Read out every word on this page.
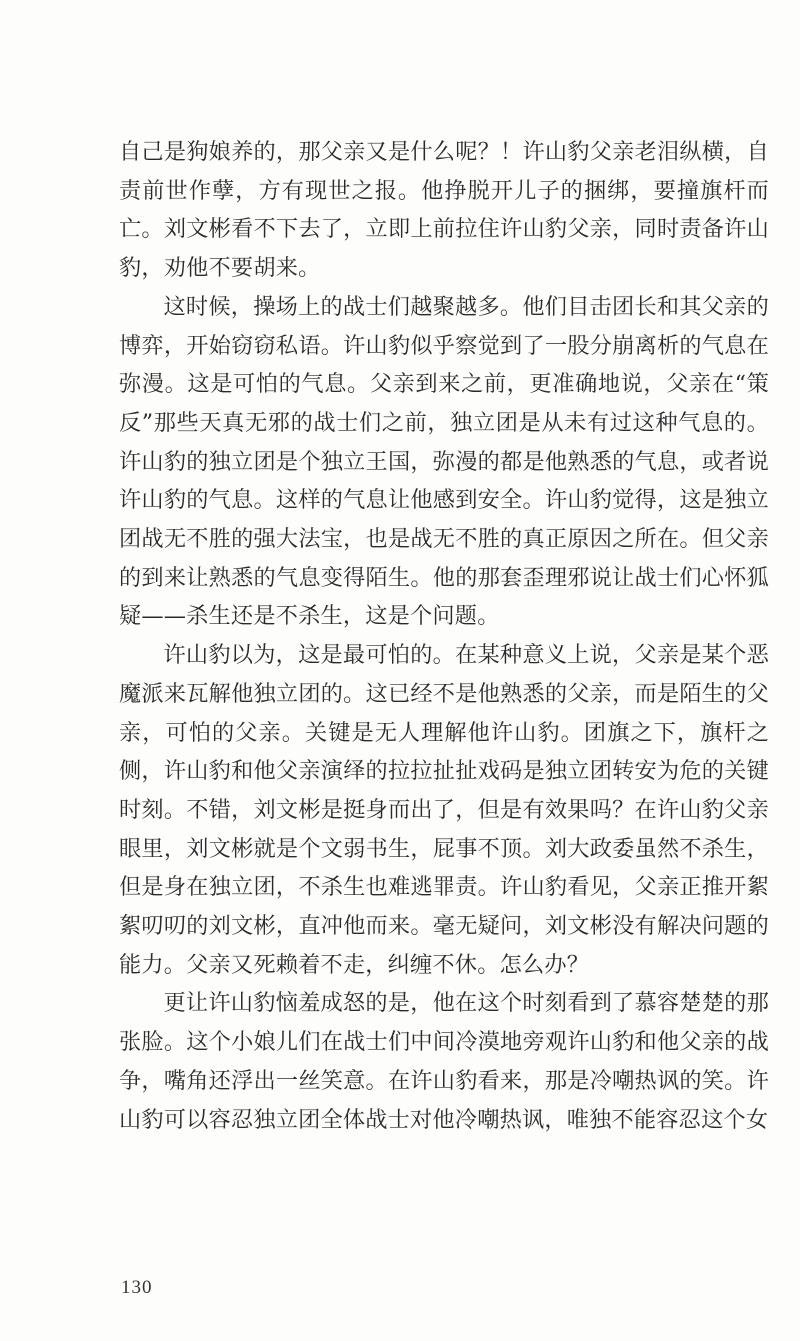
自己是狗娘养的，那父亲又是什么呢？！许山豹父亲老泪纵横，自责前世作孽，方有现世之报。他挣脱开儿子的捆绑，要撞旗杆而亡。刘文彬看不下去了，立即上前拉住许山豹父亲，同时责备许山豹，劝他不要胡来。

这时候，操场上的战士们越聚越多。他们目击团长和其父亲的博弈，开始窃窃私语。许山豹似乎察觉到了一股分崩离析的气息在弥漫。这是可怕的气息。父亲到来之前，更准确地说，父亲在“策反”那些天真无邪的战士们之前，独立团是从未有过这种气息的。许山豹的独立团是个独立王国，弥漫的都是他熟悉的气息，或者说许山豹的气息。这样的气息让他感到安全。许山豹觉得，这是独立团战无不胜的强大法宝，也是战无不胜的真正原因之所在。但父亲的到来让熟悉的气息变得陌生。他的那套歪理邪说让战士们心怀狐疑——杀生还是不杀生，这是个问题。

许山豹以为，这是最可怕的。在某种意义上说，父亲是某个恶魔派来瓦解他独立团的。这已经不是他熟悉的父亲，而是陌生的父亲，可怕的父亲。关键是无人理解他许山豹。团旗之下，旗杆之侧，许山豹和他父亲演绎的拉拉扯扯戏码是独立团转安为危的关键时刻。不错，刘文彬是挺身而出了，但是有效果吗？在许山豹父亲眼里，刘文彬就是个文弱书生，屁事不顶。刘大政委虽然不杀生，但是身在独立团，不杀生也难逃罪责。许山豹看见，父亲正推开絮絮叨叨的刘文彬，直冲他而来。毫无疑问，刘文彬没有解决问题的能力。父亲又死赖着不走，纠缠不休。怎么办？

更让许山豹恼羞成怒的是，他在这个时刻看到了慕容楚楚的那张脸。这个小娘儿们在战士们中间冷漠地旁观许山豹和他父亲的战争，嘴角还浮出一丝笑意。在许山豹看来，那是冷嘲热讽的笑。许山豹可以容忍独立团全体战士对他冷嘲热讽，唯独不能容忍这个女

130
